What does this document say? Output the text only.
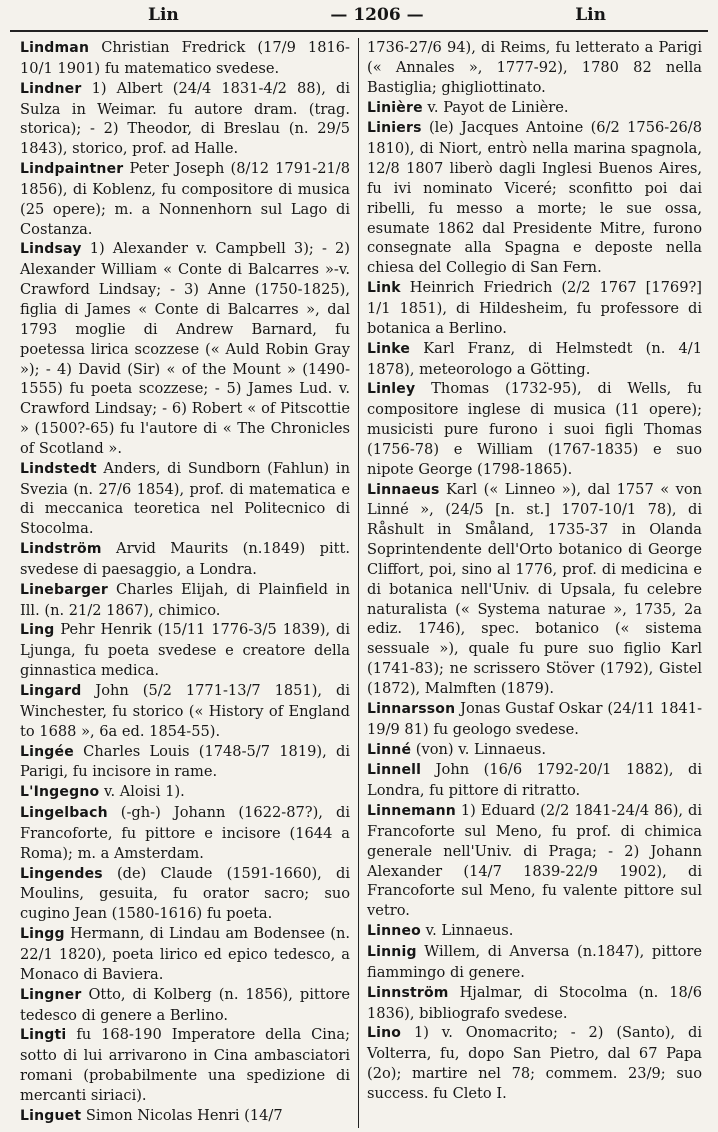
Lin	— 1206 —	Lin

Lindman Christian Fredrick (17/9 1816-10/1 1901) fu matematico svedese.

Lindner 1) Albert (24/4 1831-4/2 88), di Sulza in Weimar. fu autore dram. (trag. storica); - 2) Theodor, di Breslau (n. 29/5 1843), storico, prof. ad Halle.

Lindpaintner Peter Joseph (8/12 1791-21/8 1856), di Koblenz, fu compositore di musica (25 opere); m. a Nonnenhorn sul Lago di Costanza.

Lindsay 1) Alexander v. Campbell 3); - 2) Alexander William « Conte di Balcarres »-v. Crawford Lindsay; - 3) Anne (1750-1825), figlia di James « Conte di Balcarres », dal 1793 moglie di Andrew Barnard, fu poetessa lirica scozzese (« Auld Robin Gray »); - 4) David (Sir) « of the Mount » (1490-1555) fu poeta scozzese; - 5) James Lud. v. Crawford Lindsay; - 6) Robert « of Pitscottie » (1500?-65) fu l'autore di « The Chronicles of Scotland ».

Lindstedt Anders, di Sundborn (Fahlun) in Svezia (n. 27/6 1854), prof. di matematica e di meccanica teoretica nel Politecnico di Stocolma.

Lindström Arvid Maurits (n.1849) pitt. svedese di paesaggio, a Londra.

Linebarger Charles Elijah, di Plainfield in Ill. (n. 21/2 1867), chimico.

Ling Pehr Henrik (15/11 1776-3/5 1839), di Ljunga, fu poeta svedese e creatore della ginnastica medica.

Lingard John (5/2 1771-13/7 1851), di Winchester, fu storico (« History of England to 1688 », 6a ed. 1854-55).

Lingée Charles Louis (1748-5/7 1819), di Parigi, fu incisore in rame.

L'Ingegno v. Aloisi 1).

Lingelbach (-gh-) Johann (1622-87?), di Francoforte, fu pittore e incisore (1644 a Roma); m. a Amsterdam.

Lingendes (de) Claude (1591-1660), di Moulins, gesuita, fu orator sacro; suo cugino Jean (1580-1616) fu poeta.

Lingg Hermann, di Lindau am Bodensee (n. 22/1 1820), poeta lirico ed epico tedesco, a Monaco di Baviera.

Lingner Otto, di Kolberg (n. 1856), pittore tedesco di genere a Berlino.

Lingti fu 168-190 Imperatore della Cina; sotto di lui arrivarono in Cina ambasciatori romani (probabilmente una spedizione di mercanti siriaci).

Linguet Simon Nicolas Henri (14/7

1736-27/6 94), di Reims, fu letterato a Parigi (« Annales », 1777-92), 1780 82 nella Bastiglia; ghigliottinato.

Linière v. Payot de Linière.

Liniers (le) Jacques Antoine (6/2 1756-26/8 1810), di Niort, entrò nella marina spagnola, 12/8 1807 liberò dagli Inglesi Buenos Aires, fu ivi nominato Viceré; sconfitto poi dai ribelli, fu messo a morte; le sue ossa, esumate 1862 dal Presidente Mitre, furono consegnate alla Spagna e deposte nella chiesa del Collegio di San Fern.

Link Heinrich Friedrich (2/2 1767 [1769?] 1/1 1851), di Hildesheim, fu professore di botanica a Berlino.

Linke Karl Franz, di Helmstedt (n. 4/1 1878), meteorologo a Götting.

Linley Thomas (1732-95), di Wells, fu compositore inglese di musica (11 opere); musicisti pure furono i suoi figli Thomas (1756-78) e William (1767-1835) e suo nipote George (1798-1865).

Linnaeus Karl (« Linneo »), dal 1757 « von Linné », (24/5 [n. st.] 1707-10/1 78), di Råshult in Småland, 1735-37 in Olanda Soprintendente dell'Orto botanico di George Cliffort, poi, sino al 1776, prof. di medicina e di botanica nell'Univ. di Upsala, fu celebre naturalista (« Systema naturae », 1735, 2a ediz. 1746), spec. botanico (« sistema sessuale »), quale fu pure suo figlio Karl (1741-83); ne scrissero Stöver (1792), Gistel (1872), Malmften (1879).

Linnarsson Jonas Gustaf Oskar (24/11 1841-19/9 81) fu geologo svedese.

Linné (von) v. Linnaeus.

Linnell John (16/6 1792-20/1 1882), di Londra, fu pittore di ritratto.

Linnemann 1) Eduard (2/2 1841-24/4 86), di Francoforte sul Meno, fu prof. di chimica generale nell'Univ. di Praga; - 2) Johann Alexander (14/7 1839-22/9 1902), di Francoforte sul Meno, fu valente pittore sul vetro.

Linneo v. Linnaeus.

Linnig Willem, di Anversa (n.1847), pittore fiammingo di genere.

Linnström Hjalmar, di Stocolma (n. 18/6 1836), bibliografo svedese.

Lino 1) v. Onomacrito; - 2) (Santo), di Volterra, fu, dopo San Pietro, dal 67 Papa (2o); martire nel 78; commem. 23/9; suo success. fu Cleto I.
